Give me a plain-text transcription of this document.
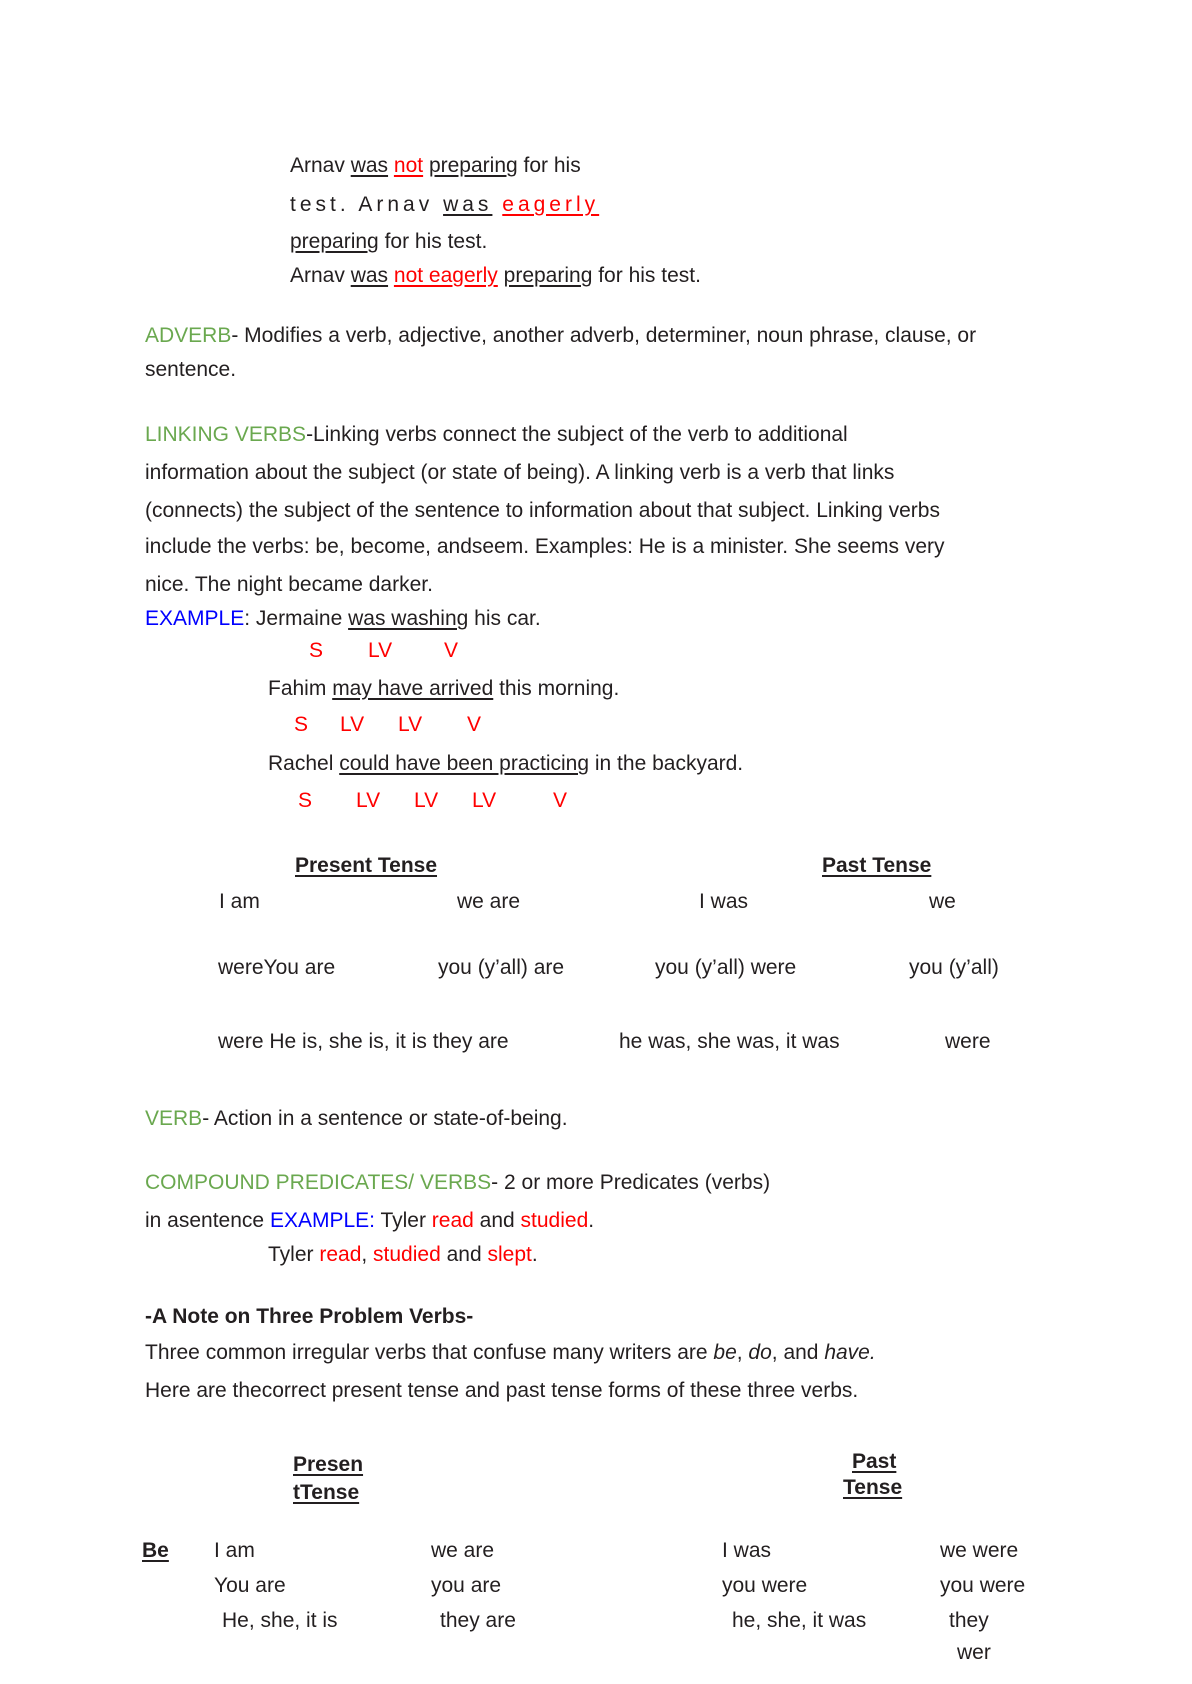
Arnav was not preparing for his
test. Arnav was eagerly
preparing for his test.
Arnav was not eagerly preparing for his test.
ADVERB- Modifies a verb, adjective, another adverb, determiner, noun phrase, clause, or
sentence.
LINKING VERBS-Linking verbs connect the subject of the verb to additional
information about the subject (or state of being). A linking verb is a verb that links
(connects) the subject of the sentence to information about that subject. Linking verbs
include the verbs: be, become, andseem. Examples: He is a minister. She seems very
nice. The night became darker.
EXAMPLE: Jermaine was washing his car.
S LV V
Fahim may have arrived this morning.
S LV LV V
Rachel could have been practicing in the backyard.
S LV LV LV	V
Present Tense	Past Tense
I am	we are	I was	we
wereYou are	you (y’all) are	you (y’all) were	you (y’all)
were He is, she is, it is they are	he was, she was, it was	were
VERB- Action in a sentence or state-of-being.
COMPOUND PREDICATES/ VERBS- 2 or more Predicates (verbs)
in asentence EXAMPLE: Tyler read and studied.
Tyler read, studied and slept.
-A Note on Three Problem Verbs-
Three common irregular verbs that confuse many writers are be, do, and have.
Here are thecorrect present tense and past tense forms of these three verbs.
Presen
tTense
Past
Tense
Be I am	we are	I was	we were
You are	you are	you were	you were
He, she, it is	they are	he, she, it was	they
wer
